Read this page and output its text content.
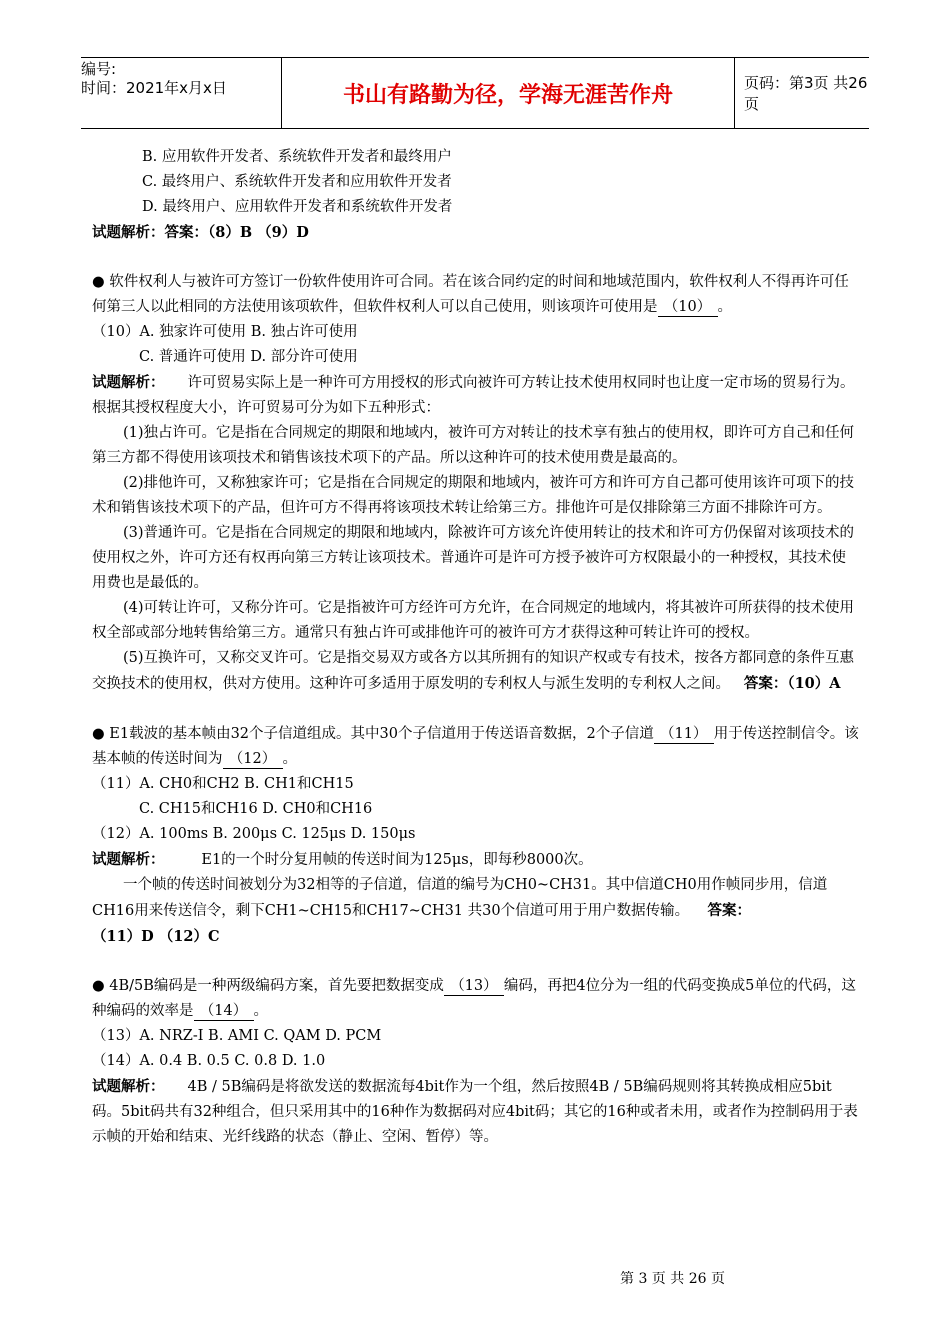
编号:
时间：2021年x月x日	书山有路勤为径，学海无涯苦作舟	页码：第3页 共26页

B. 应用软件开发者、系统软件开发者和最终用户

C. 最终用户、系统软件开发者和应用软件开发者

D. 最终用户、应用软件开发者和系统软件开发者

试题解析：答案：（8）B （9）D

● 软件权利人与被许可方签订一份软件使用许可合同。若在该合同约定的时间和地域范围内，软件权利人不得再许可任何第三人以此相同的方法使用该项软件，但软件权利人可以自己使用，则该项许可使用是 （10） 。

（10）A. 独家许可使用 B. 独占许可使用

C. 普通许可使用 D. 部分许可使用

试题解析： 许可贸易实际上是一种许可方用授权的形式向被许可方转让技术使用权同时也让度一定市场的贸易行为。根据其授权程度大小，许可贸易可分为如下五种形式：

(1)独占许可。它是指在合同规定的期限和地域内，被许可方对转让的技术享有独占的使用权，即许可方自己和任何第三方都不得使用该项技术和销售该技术项下的产品。所以这种许可的技术使用费是最高的。

(2)排他许可，又称独家许可；它是指在合同规定的期限和地域内，被许可方和许可方自己都可使用该许可项下的技术和销售该技术项下的产品，但许可方不得再将该项技术转让给第三方。排他许可是仅排除第三方面不排除许可方。

(3)普通许可。它是指在合同规定的期限和地域内，除被许可方该允许使用转让的技术和许可方仍保留对该项技术的使用权之外，许可方还有权再向第三方转让该项技术。普通许可是许可方授予被许可方权限最小的一种授权，其技术使用费也是最低的。

(4)可转让许可，又称分许可。它是指被许可方经许可方允许，在合同规定的地域内，将其被许可所获得的技术使用权全部或部分地转售给第三方。通常只有独占许可或排他许可的被许可方才获得这种可转让许可的授权。

(5)互换许可，又称交叉许可。它是指交易双方或各方以其所拥有的知识产权或专有技术，按各方都同意的条件互惠交换技术的使用权，供对方使用。这种许可多适用于原发明的专利权人与派生发明的专利权人之间。 答案：（10）A

● E1载波的基本帧由32个子信道组成。其中30个子信道用于传送语音数据，2个子信道 （11） 用于传送控制信令。该基本帧的传送时间为 （12） 。

（11）A. CH0和CH2 B. CH1和CH15

C. CH15和CH16 D. CH0和CH16

（12）A. 100ms B. 200μs C. 125μs D. 150μs

试题解析：	E1的一个时分复用帧的传送时间为125μs，即每秒8000次。

一个帧的传送时间被划分为32相等的子信道，信道的编号为CH0~CH31。其中信道CH0用作帧同步用，信道CH16用来传送信令，剩下CH1~CH15和CH17~CH31 共30个信道可用于用户数据传输。 答案：

（11）D （12）C

● 4B/5B编码是一种两级编码方案，首先要把数据变成 （13） 编码，再把4位分为一组的代码变换成5单位的代码，这种编码的效率是 （14） 。

（13）A. NRZ-I B. AMI C. QAM D. PCM

（14）A. 0.4 B. 0.5 C. 0.8 D. 1.0

试题解析： 4B / 5B编码是将欲发送的数据流每4bit作为一个组，然后按照4B / 5B编码规则将其转换成相应5bit码。5bit码共有32种组合，但只采用其中的16种作为数据码对应4bit码；其它的16种或者未用，或者作为控制码用于表示帧的开始和结束、光纤线路的状态（静止、空闲、暂停）等。

第 3 页 共 26 页
